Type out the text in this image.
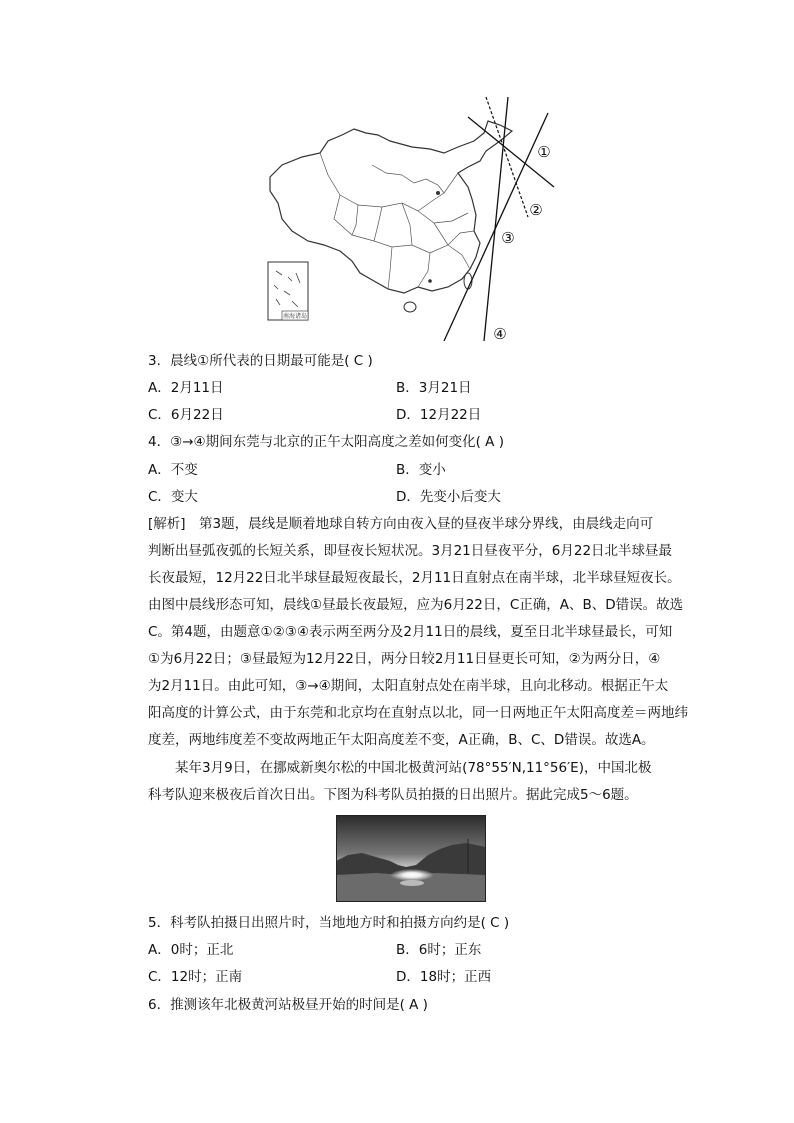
南海诸岛
①
②
③
④
3．晨线①所代表的日期最可能是( C )
A．2月11日	B．3月21日
C．6月22日	D．12月22日
4．③→④期间东莞与北京的正午太阳高度之差如何变化( A )
A．不变	B．变小
C．变大	D．先变小后变大
[解析]　第3题，晨线是顺着地球自转方向由夜入昼的昼夜半球分界线，由晨线走向可
判断出昼弧夜弧的长短关系，即昼夜长短状况。3月21日昼夜平分，6月22日北半球昼最
长夜最短，12月22日北半球昼最短夜最长，2月11日直射点在南半球，北半球昼短夜长。
由图中晨线形态可知，晨线①昼最长夜最短，应为6月22日，C正确，A、B、D错误。故选
C。第4题，由题意①②③④表示两至两分及2月11日的晨线，夏至日北半球昼最长，可知
①为6月22日；③昼最短为12月22日，两分日较2月11日昼更长可知，②为两分日，④
为2月11日。由此可知，③→④期间，太阳直射点处在南半球，且向北移动。根据正午太
阳高度的计算公式，由于东莞和北京均在直射点以北，同一日两地正午太阳高度差＝两地纬
度差，两地纬度差不变故两地正午太阳高度差不变，A正确，B、C、D错误。故选A。
某年3月9日，在挪威新奥尔松的中国北极黄河站(78°55′N,11°56′E)，中国北极
科考队迎来极夜后首次日出。下图为科考队员拍摄的日出照片。据此完成5～6题。
5．科考队拍摄日出照片时，当地地方时和拍摄方向约是( C )
A．0时；正北	B．6时；正东
C．12时；正南	D．18时；正西
6．推测该年北极黄河站极昼开始的时间是( A )
